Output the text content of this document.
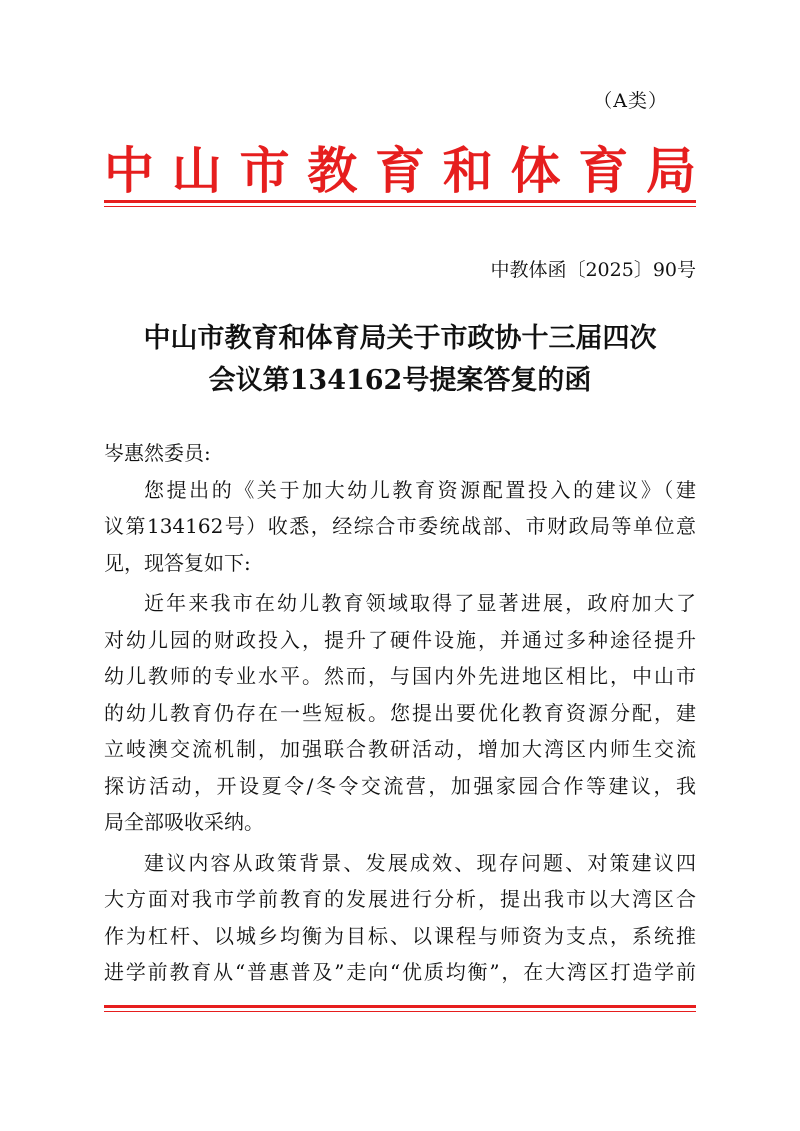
（A类）
中 山 市 教 育 和 体 育 局
中教体函〔2025〕90号
中山市教育和体育局关于市政协十三届四次
会议第134162号提案答复的函
岑惠然委员:
您提出的《关于加大幼儿教育资源配置投入的建议》（建
议第134162号）收悉，经综合市委统战部、市财政局等单位意
见，现答复如下:
近年来我市在幼儿教育领域取得了显著进展，政府加大了
对幼儿园的财政投入，提升了硬件设施，并通过多种途径提升
幼儿教师的专业水平。然而，与国内外先进地区相比，中山市
的幼儿教育仍存在一些短板。您提出要优化教育资源分配，建
立岐澳交流机制，加强联合教研活动，增加大湾区内师生交流
探访活动，开设夏令/冬令交流营，加强家园合作等建议，我
局全部吸收采纳。
建议内容从政策背景、发展成效、现存问题、对策建议四
大方面对我市学前教育的发展进行分析，提出我市以大湾区合
作为杠杆、以城乡均衡为目标、以课程与师资为支点，系统推
进学前教育从“普惠普及”走向“优质均衡”，在大湾区打造学前
